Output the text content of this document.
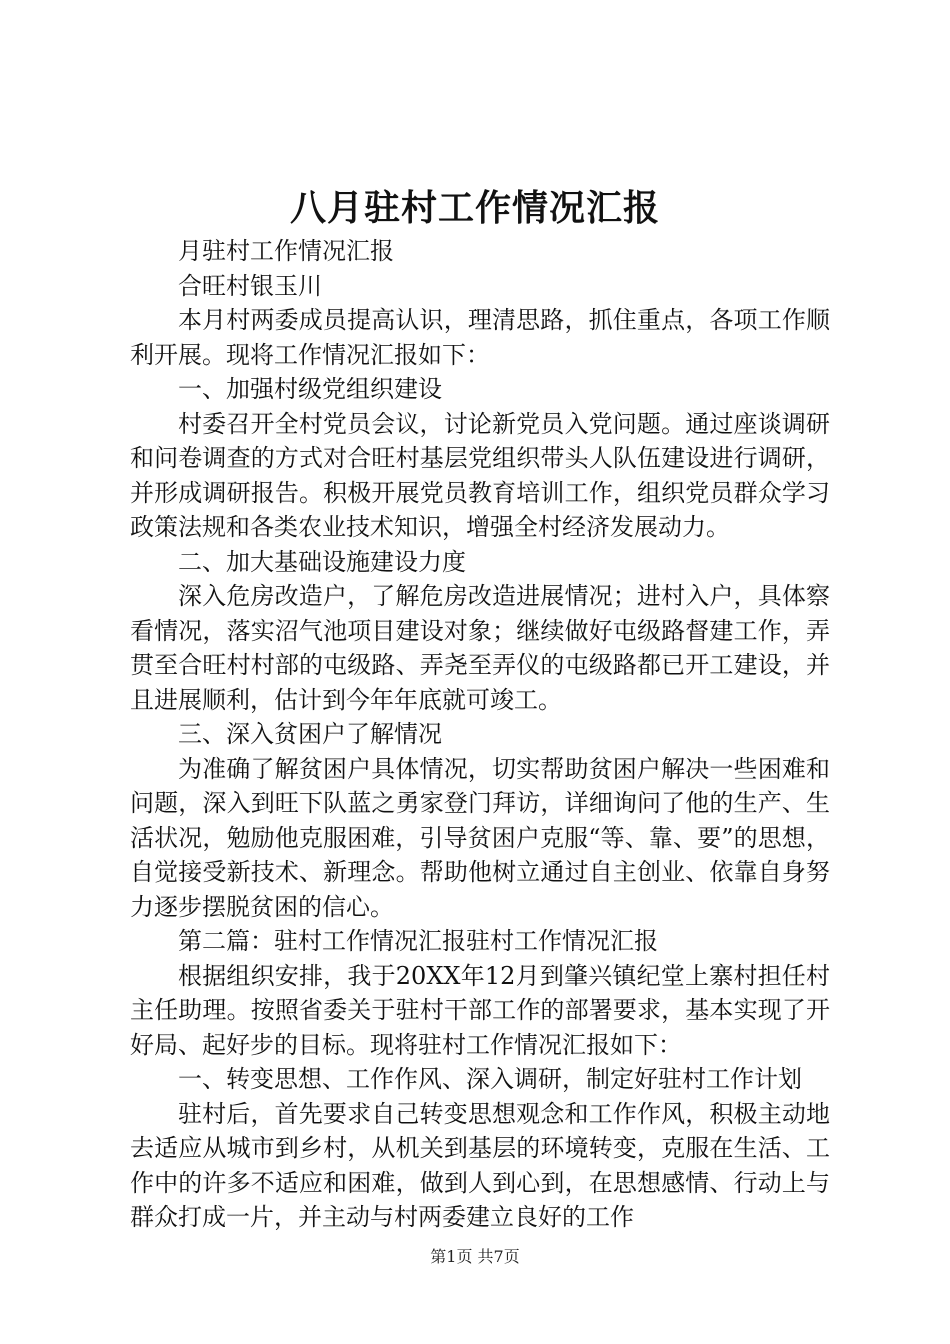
八月驻村工作情况汇报

月驻村工作情况汇报

合旺村银玉川

本月村两委成员提高认识，理清思路，抓住重点，各项工作顺利开展。现将工作情况汇报如下：

一、加强村级党组织建设

村委召开全村党员会议，讨论新党员入党问题。通过座谈调研和问卷调查的方式对合旺村基层党组织带头人队伍建设进行调研，并形成调研报告。积极开展党员教育培训工作，组织党员群众学习政策法规和各类农业技术知识，增强全村经济发展动力。

二、加大基础设施建设力度

深入危房改造户，了解危房改造进展情况；进村入户，具体察看情况，落实沼气池项目建设对象；继续做好屯级路督建工作，弄贯至合旺村村部的屯级路、弄尧至弄仪的屯级路都已开工建设，并且进展顺利，估计到今年年底就可竣工。

三、深入贫困户了解情况

为准确了解贫困户具体情况，切实帮助贫困户解决一些困难和问题，深入到旺下队蓝之勇家登门拜访，详细询问了他的生产、生活状况，勉励他克服困难，引导贫困户克服“等、靠、要”的思想，自觉接受新技术、新理念。帮助他树立通过自主创业、依靠自身努力逐步摆脱贫困的信心。

第二篇：驻村工作情况汇报驻村工作情况汇报

根据组织安排，我于20XX年12月到肇兴镇纪堂上寨村担任村主任助理。按照省委关于驻村干部工作的部署要求，基本实现了开好局、起好步的目标。现将驻村工作情况汇报如下：

一、转变思想、工作作风、深入调研，制定好驻村工作计划

驻村后，首先要求自己转变思想观念和工作作风，积极主动地去适应从城市到乡村，从机关到基层的环境转变，克服在生活、工作中的许多不适应和困难，做到人到心到，在思想感情、行动上与群众打成一片，并主动与村两委建立良好的工作

第1页 共7页
